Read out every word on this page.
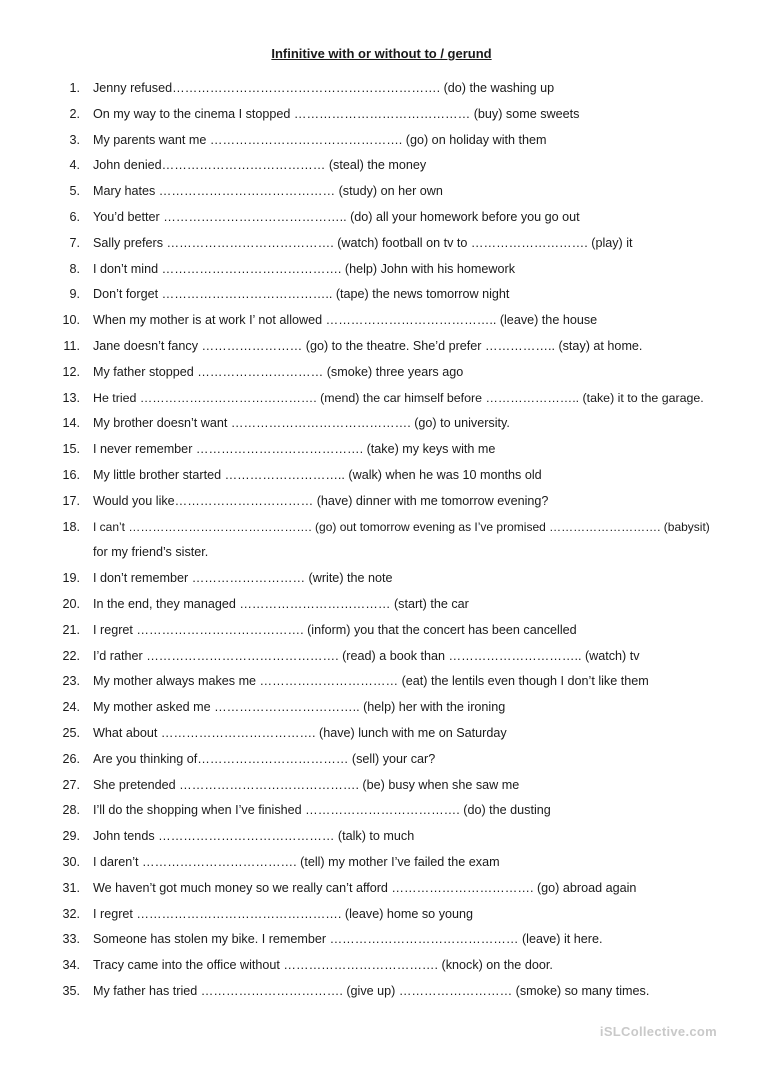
Infinitive with or without to / gerund
1. Jenny refused………………………………………………………. (do) the washing up
2. On my way to the cinema I stopped …………………………………… (buy) some sweets
3. My parents want me ………………………………………. (go) on holiday with them
4. John denied………………………………… (steal) the money
5. Mary hates …………………………………… (study) on her own
6. You’d better …………………………………….. (do) all your homework before you go out
7. Sally prefers …………………………………. (watch) football on tv to ………………………. (play) it
8. I don’t mind ……………………………………. (help) John with his homework
9. Don’t forget ………………………………….. (tape) the news tomorrow night
10. When my mother is at work I’ not allowed ………………………………….. (leave) the house
11. Jane doesn’t fancy …………………… (go) to the theatre. She’d prefer …………….. (stay) at home.
12. My father stopped ………………………… (smoke) three years ago
13. He tried ……………………………………. (mend) the car himself before ………………….. (take) it to the garage.
14. My brother doesn’t want ……………………………………. (go) to university.
15. I never remember …………………………………. (take) my keys with me
16. My little brother started ……………………….. (walk) when he was 10 months old
17. Would you like…………………………… (have) dinner with me tomorrow evening?
18. I can’t ………………………………………. (go) out tomorrow evening as I’ve promised ………………………. (babysit)
for my friend’s sister.
19. I don’t remember ……………………… (write) the note
20. In the end, they managed ……………………………… (start) the car
21. I regret …………………………………. (inform) you that the concert has been cancelled
22. I’d rather ………………………………………. (read) a book than ………………………….. (watch) tv
23. My mother always makes me …………………………… (eat) the lentils even though I don’t like them
24. My mother asked me …………………………….. (help) her with the ironing
25. What about ………………………………. (have) lunch with me on Saturday
26. Are you thinking of……………………………… (sell) your car?
27. She pretended ……………………………………. (be) busy when she saw me
28. I’ll do the shopping when I’ve finished ………………………………. (do) the dusting
29. John tends …………………………………… (talk) to much
30. I daren’t ………………………………. (tell) my mother I’ve failed the exam
31. We haven’t got much money so we really can’t afford ……………………………. (go) abroad again
32. I regret …………………………………………. (leave) home so young
33. Someone has stolen my bike. I remember ……………………………………… (leave) it here.
34. Tracy came into the office without ………………………………. (knock) on the door.
35. My father has tried ……………………………. (give up) ……………………… (smoke) so many times.
iSLCollective.com
